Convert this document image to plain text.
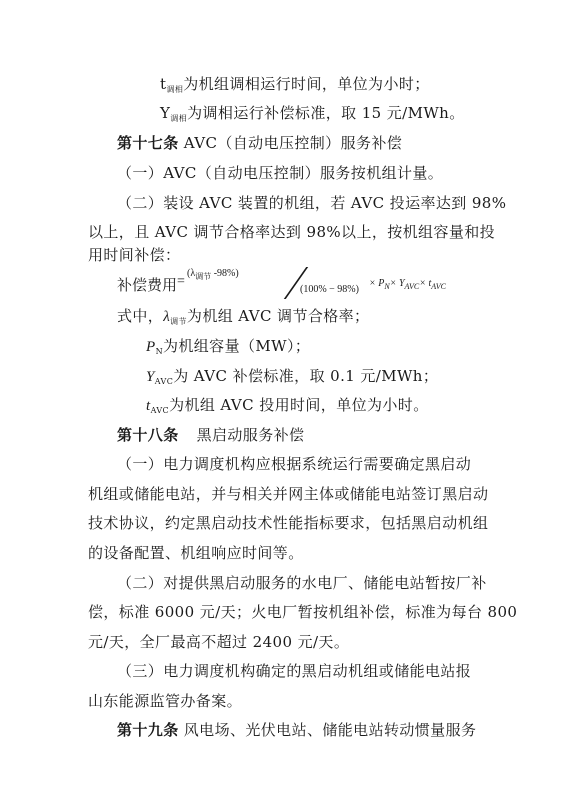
$t_{调相}$为机组调相运行时间，单位为小时；
$Y_{调相}$为调相运行补偿标准，取 15 元/MWh。
第十七条 AVC（自动电压控制）服务补偿
（一）AVC（自动电压控制）服务按机组计量。
（二）装设 AVC 装置的机组，若 AVC 投运率达到 98%
以上，且 AVC 调节合格率达到 98%以上，按机组容量和投
用时间补偿：
补偿费用 =
($\lambda_{调节}$ -98%)
(100% − 98%)
× $P_N\times Y_{AVC}\times t_{AVC}$
式中，$\lambda_{调节}$为机组 AVC 调节合格率；
$P_N$为机组容量（MW）；
$Y_{AVC}$为 AVC 补偿标准，取 0.1 元/MWh；
$t_{AVC}$为机组 AVC 投用时间，单位为小时。
第十八条 黑启动服务补偿
（一）电力调度机构应根据系统运行需要确定黑启动
机组或储能电站，并与相关并网主体或储能电站签订黑启动
技术协议，约定黑启动技术性能指标要求，包括黑启动机组
的设备配置、机组响应时间等。
（二）对提供黑启动服务的水电厂、储能电站暂按厂补
偿，标准 6000 元/天；火电厂暂按机组补偿，标准为每台 800
元/天，全厂最高不超过 2400 元/天。
（三）电力调度机构确定的黑启动机组或储能电站报
山东能源监管办备案。
第十九条 风电场、光伏电站、储能电站转动惯量服务
